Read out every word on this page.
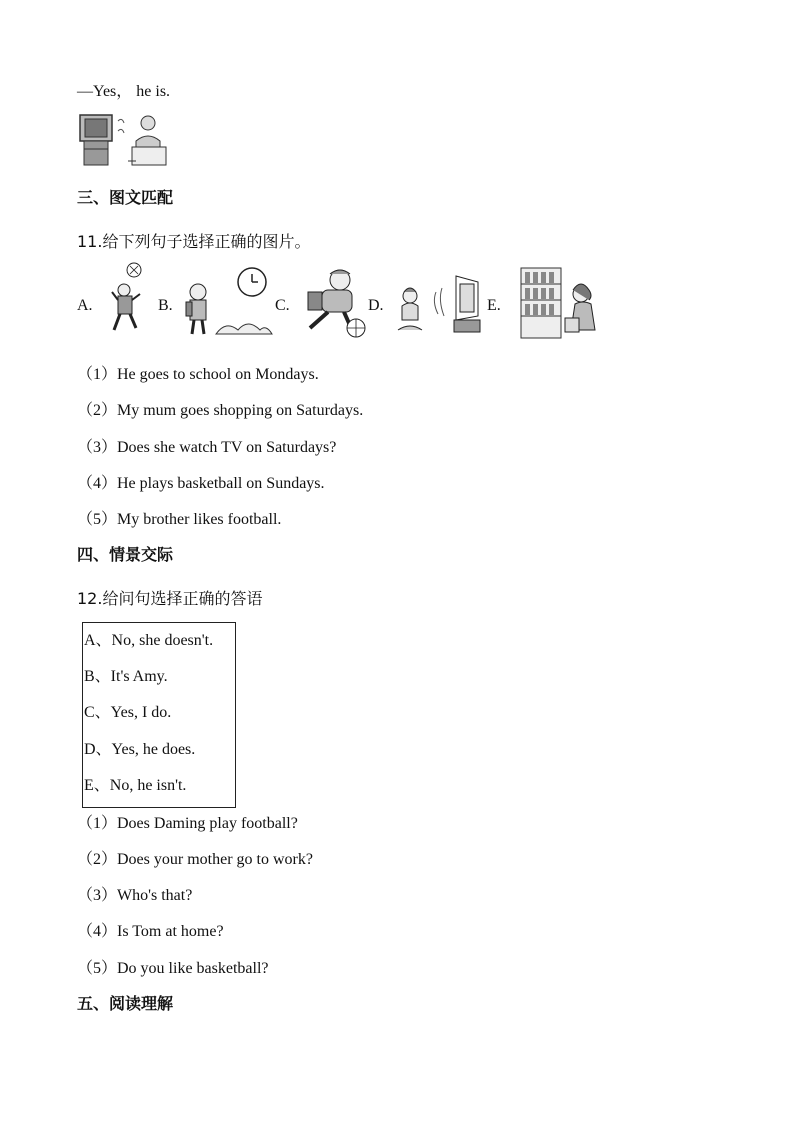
—Yes， he is.
三、图文匹配
11.给下列句子选择正确的图片。
A.	B.	C.	D.	E.
（1）He goes to school on Mondays.
（2）My mum goes shopping on Saturdays.
（3）Does she watch TV on Saturdays?
（4）He plays basketball on Sundays.
（5）My brother likes football.
四、情景交际
12.给问句选择正确的答语
A、No, she doesn't.
B、It's Amy.
C、Yes, I do.
D、Yes, he does.
E、No, he isn't.
（1）Does Daming play football?
（2）Does your mother go to work?
（3）Who's that?
（4）Is Tom at home?
（5）Do you like basketball?
五、阅读理解
